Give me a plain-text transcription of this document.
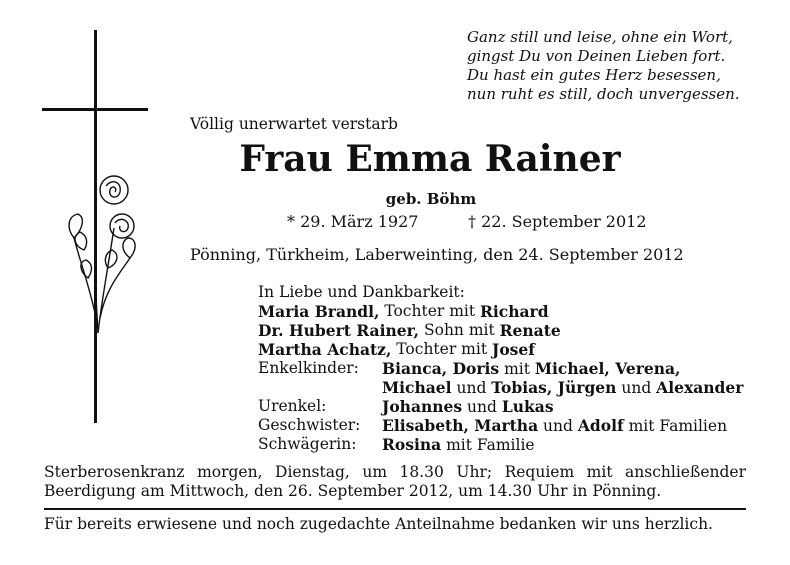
Ganz still und leise, ohne ein Wort,
gingst Du von Deinen Lieben fort.
Du hast ein gutes Herz besessen,
nun ruht es still, doch unvergessen.
Völlig unerwartet verstarb
Frau Emma Rainer
geb. Böhm
* 29. März 1927	† 22. September 2012
Pönning, Türkheim, Laberweinting, den 24. September 2012
In Liebe und Dankbarkeit:
Maria Brandl, Tochter mit Richard
Dr. Hubert Rainer, Sohn mit Renate
Martha Achatz, Tochter mit Josef
Enkelkinder:	Bianca, Doris mit Michael, Verena,
Michael und Tobias, Jürgen und Alexander
Urenkel:	Johannes und Lukas
Geschwister:	Elisabeth, Martha und Adolf mit Familien
Schwägerin:	Rosina mit Familie
Sterberosenkranz morgen, Dienstag, um 18.30 Uhr; Requiem mit anschließender
Beerdigung am Mittwoch, den 26. September 2012, um 14.30 Uhr in Pönning.
Für bereits erwiesene und noch zugedachte Anteilnahme bedanken wir uns herzlich.
